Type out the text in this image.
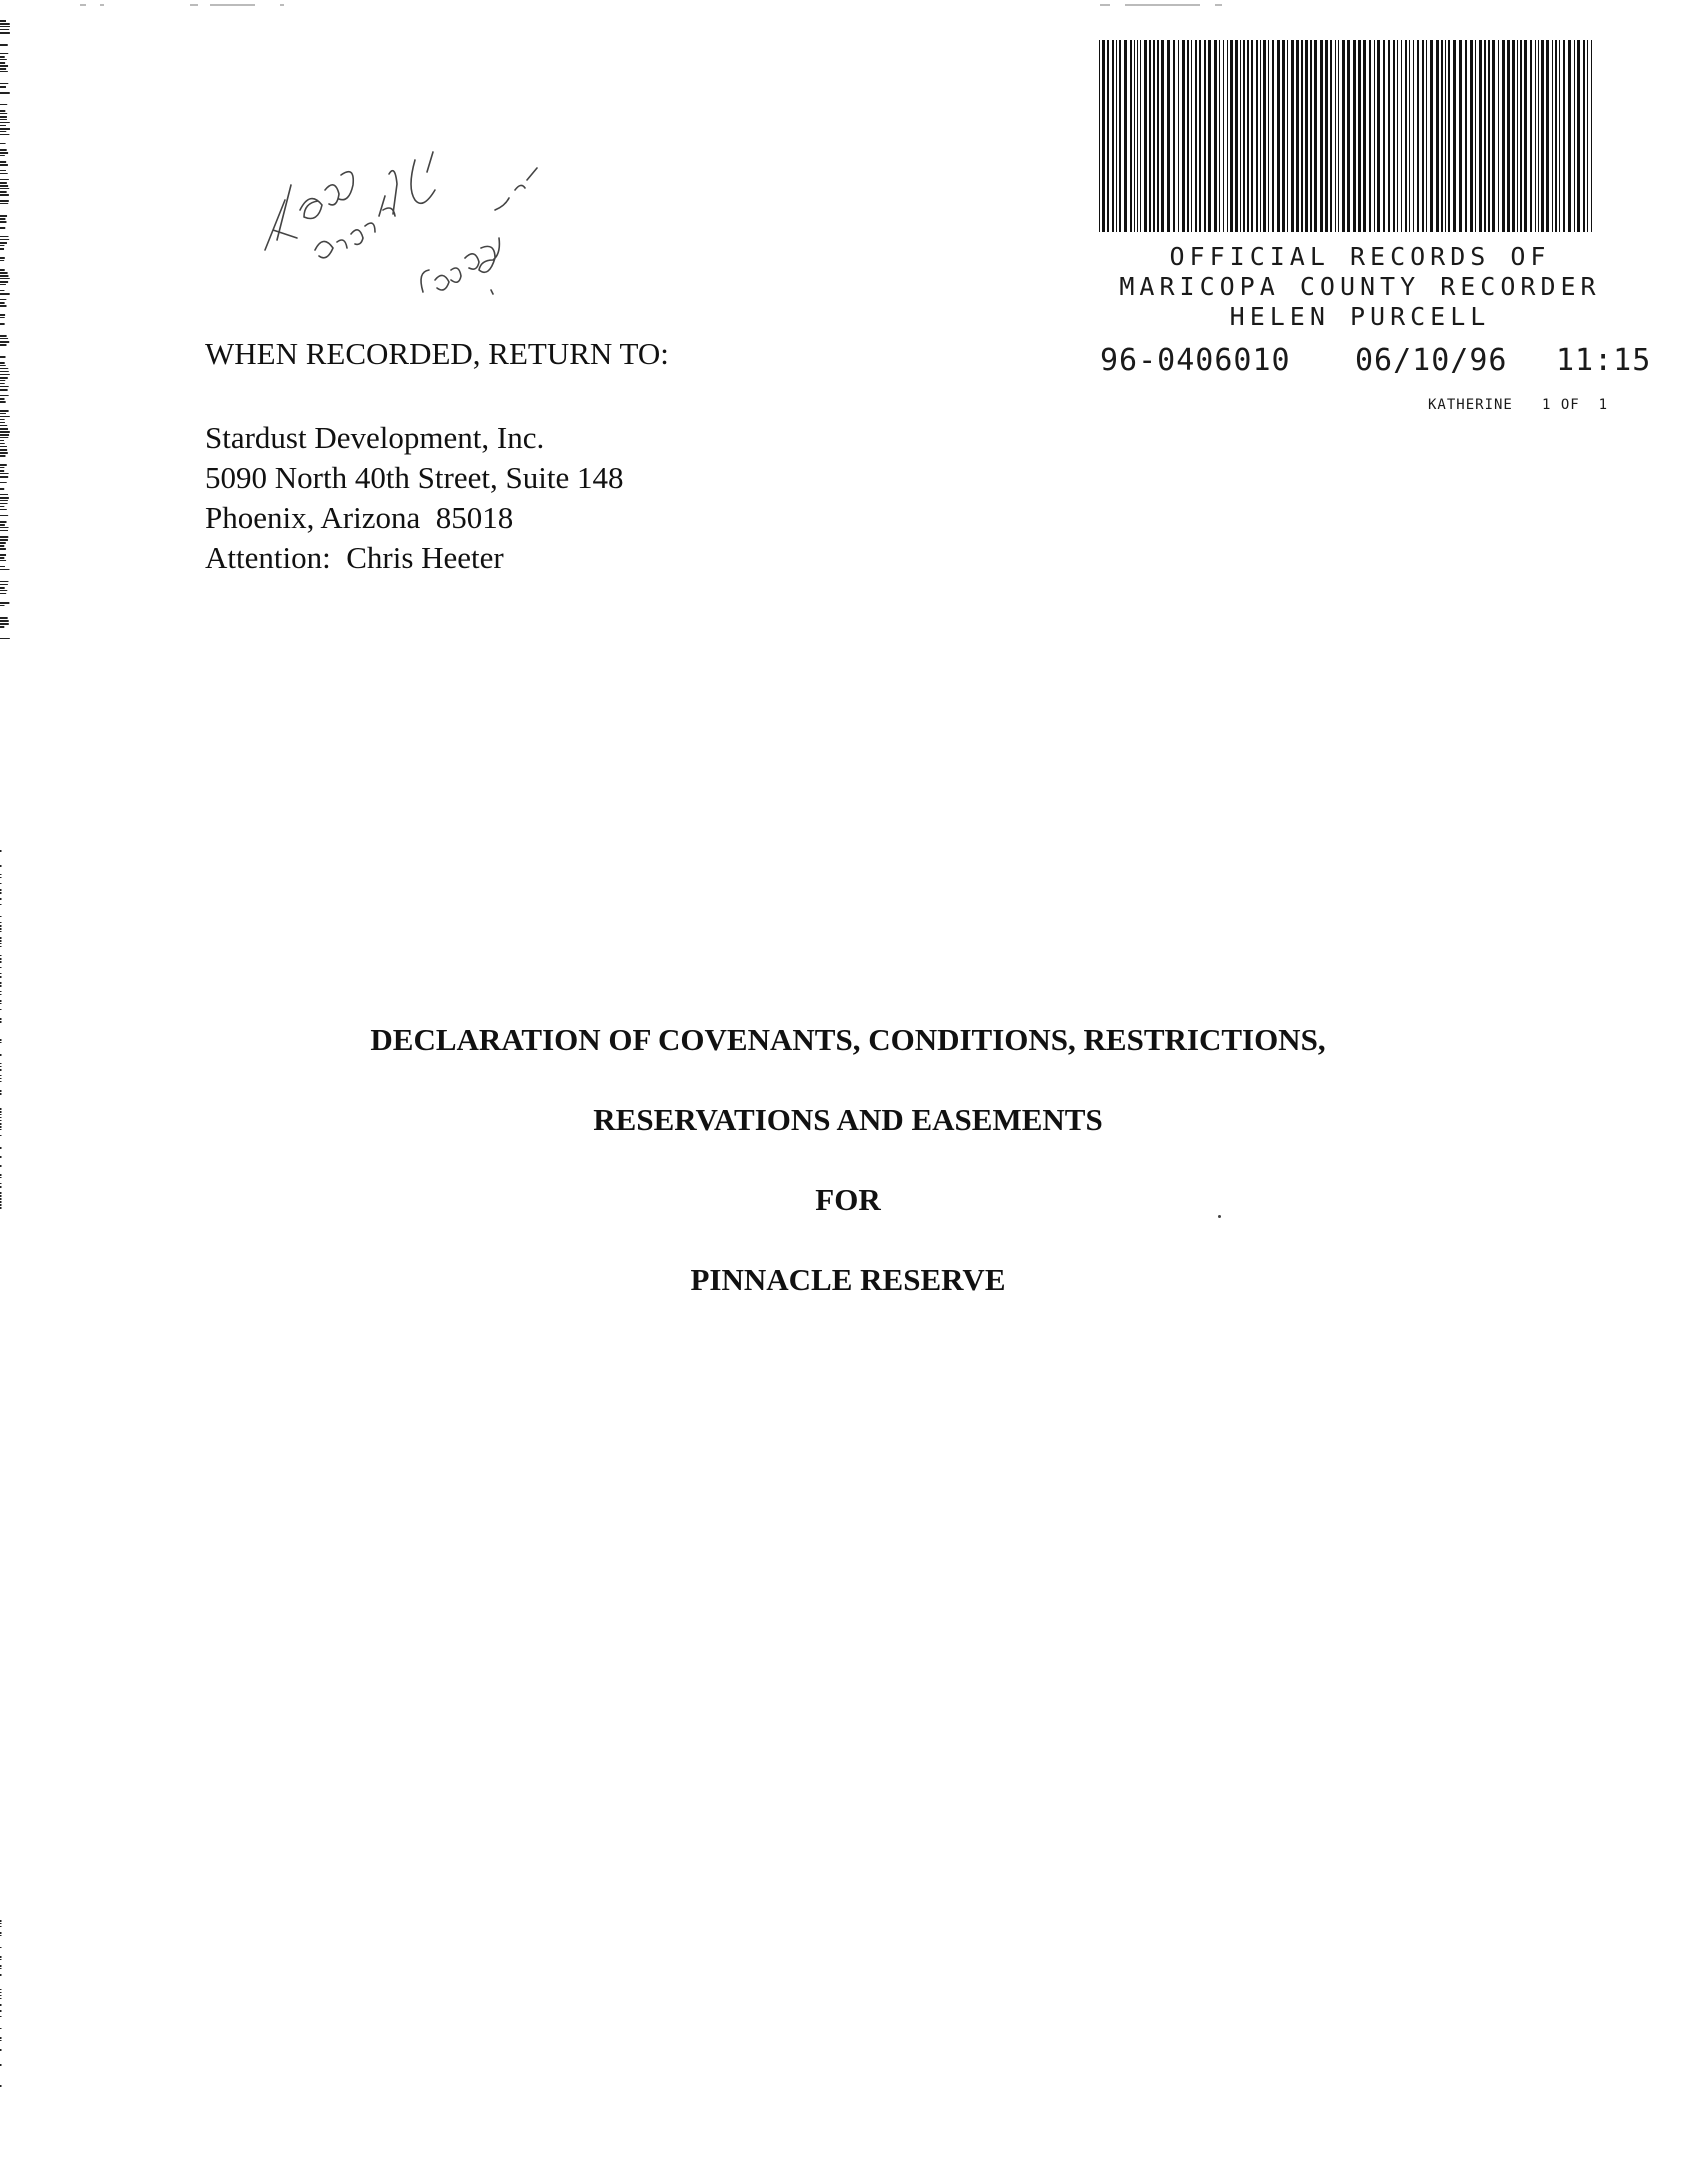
OFFICIAL RECORDS OF
MARICOPA COUNTY RECORDER
HELEN PURCELL
96-0406010 06/10/96 11:15
KATHERINE 1 OF  1
WHEN RECORDED, RETURN TO:
Stardust Development, Inc.
5090 North 40th Street, Suite 148
Phoenix, Arizona  85018
Attention:  Chris Heeter
DECLARATION OF COVENANTS, CONDITIONS, RESTRICTIONS,
RESERVATIONS AND EASEMENTS
FOR
PINNACLE RESERVE
